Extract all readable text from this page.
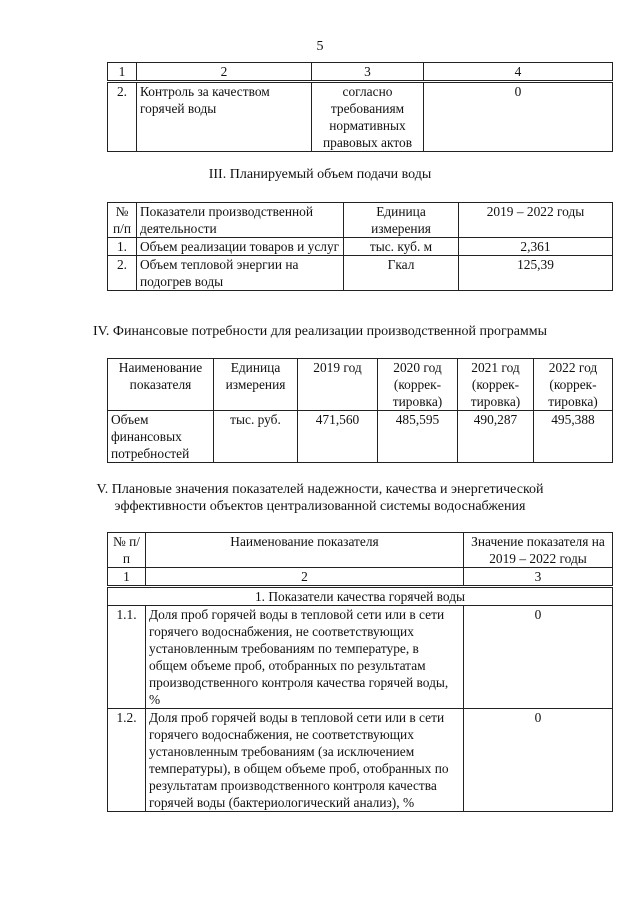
5
1	2	3	4
2.	Контроль за качеством горячей воды	согласно требованиям нормативных правовых актов	0
III. Планируемый объем подачи воды
№ п/п	Показатели производственной деятельности	Единица измерения	2019 – 2022 годы
1.	Объем реализации товаров и услуг	тыс. куб. м	2,361
2.	Объем тепловой энергии на подогрев воды	Гкал	125,39
IV. Финансовые потребности для реализации производственной программы
Наименование показателя	Единица измерения	2019 год	2020 год (коррек-тировка)	2021 год (коррек-тировка)	2022 год (коррек-тировка)
Объем финансовых потребностей	тыс. руб.	471,560	485,595	490,287	495,388
V. Плановые значения показателей надежности, качества и энергетической
эффективности объектов централизованной системы водоснабжения
№ п/п	Наименование показателя	Значение показателя на 2019 – 2022 годы
1	2	3
1. Показатели качества горячей воды		
1.1.	Доля проб горячей воды в тепловой сети или в сети горячего водоснабжения, не соответствующих установленным требованиям по температуре, в общем объеме проб, отобранных по результатам производственного контроля качества горячей воды, %	0
1.2.	Доля проб горячей воды в тепловой сети или в сети горячего водоснабжения, не соответствующих установленным требованиям (за исключением температуры), в общем объеме проб, отобранных по результатам производственного контроля качества горячей воды (бактериологический анализ), %	0
